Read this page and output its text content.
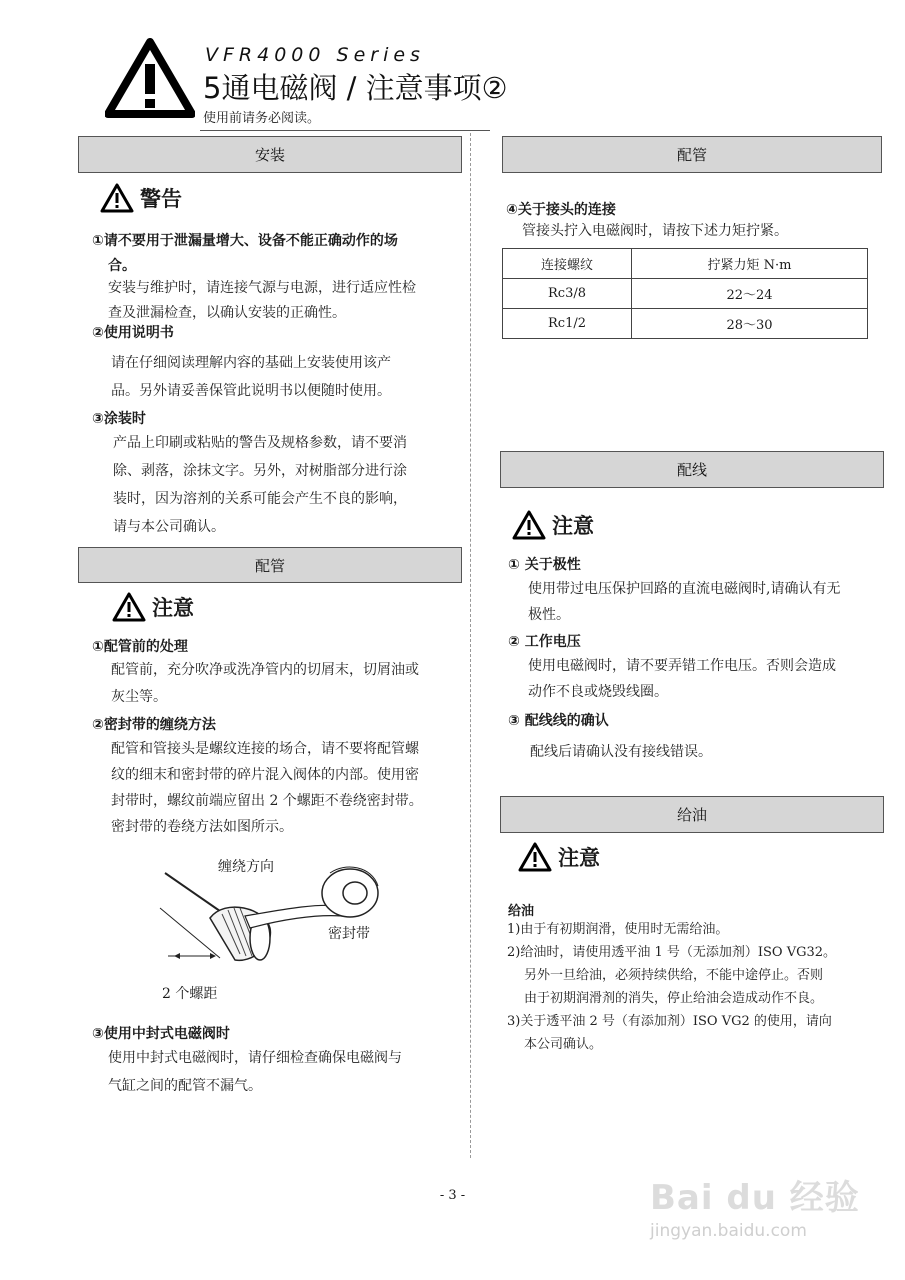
VFR4000 Series
5通电磁阀 / 注意事项②
使用前请务必阅读。
安装
警告
①请不要用于泄漏量增大、设备不能正确动作的场
合。
安装与维护时，请连接气源与电源，进行适应性检
查及泄漏检查，以确认安装的正确性。
②使用说明书
请在仔细阅读理解内容的基础上安装使用该产
品。另外请妥善保管此说明书以便随时使用。
③涂装时
产品上印刷或粘贴的警告及规格参数，请不要消
除、剥落，涂抹文字。另外，对树脂部分进行涂
装时，因为溶剂的关系可能会产生不良的影响，
请与本公司确认。
配管
注意
①配管前的处理
配管前，充分吹净或洗净管内的切屑末，切屑油或
灰尘等。
②密封带的缠绕方法
配管和管接头是螺纹连接的场合，请不要将配管螺
纹的细末和密封带的碎片混入阀体的内部。使用密
封带时，螺纹前端应留出 2 个螺距不卷绕密封带。
密封带的卷绕方法如图所示。
缠绕方向
密封带
2 个螺距
③使用中封式电磁阀时
使用中封式电磁阀时，请仔细检查确保电磁阀与
气缸之间的配管不漏气。
配管
④关于接头的连接
管接头拧入电磁阀时，请按下述力矩拧紧。
连接螺纹	拧紧力矩 N·m
Rc3/8	22～24
Rc1/2	28～30
配线
注意
① 关于极性
使用带过电压保护回路的直流电磁阀时,请确认有无
极性。
② 工作电压
使用电磁阀时，请不要弄错工作电压。否则会造成
动作不良或烧毁线圈。
③ 配线线的确认
配线后请确认没有接线错误。
给油
注意
给油
1)由于有初期润滑，使用时无需给油。
2)给油时，请使用透平油 1 号（无添加剂）ISO VG32。
另外一旦给油，必须持续供给，不能中途停止。否则
由于初期润滑剂的消失，停止给油会造成动作不良。
3)关于透平油 2 号（有添加剂）ISO VG2 的使用，请向
本公司确认。
- 3 -	Bai du 经验
jingyan.baidu.com
